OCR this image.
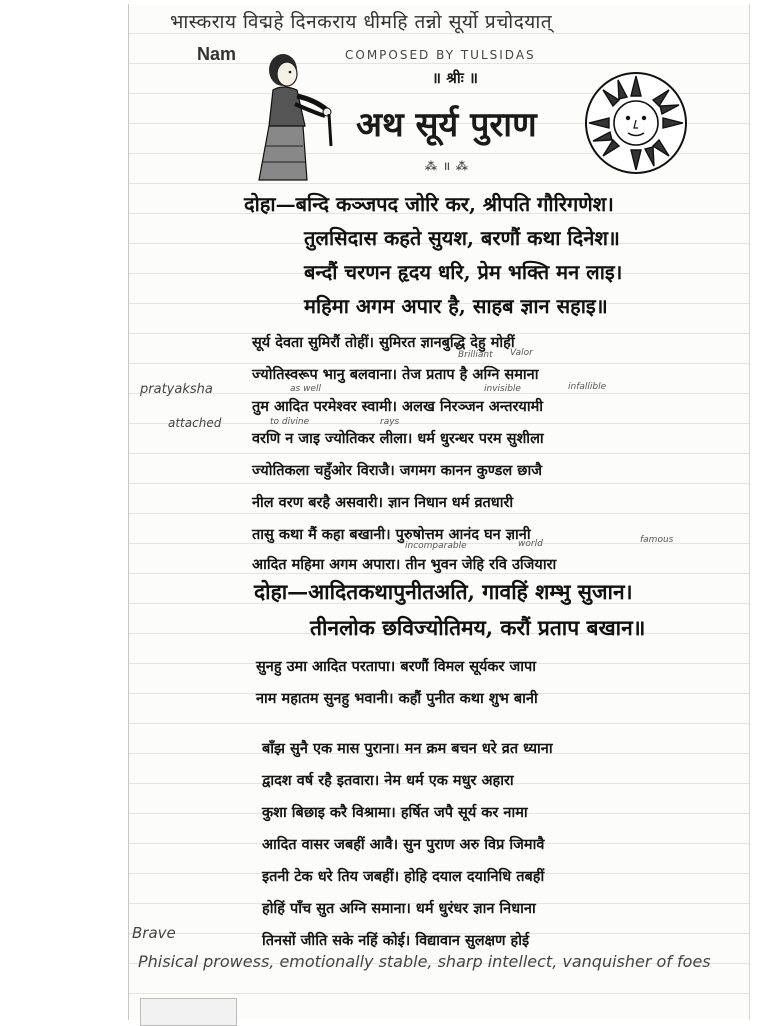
भास्कराय विद्महे दिनकराय धीमहि तन्नो सूर्यो प्रचोदयात्
Nam	COMPOSED BY TULSIDAS
॥ श्रीः ॥
अथ सूर्य पुराण
⁂ ॥ ⁂
दोहा—बन्दि कञ्जपद जोरि कर, श्रीपति गौरिगणेश।
तुलसिदास कहते सुयश, बरणौं कथा दिनेश॥
बन्दौं चरणन हृदय धरि, प्रेम भक्ति मन लाइ।
महिमा अगम अपार है, साहब ज्ञान सहाइ॥
सूर्य देवता सुमिरौं तोहीं। सुमिरत ज्ञानबुद्धि देहु मोहीं
ज्योतिस्वरूप भानु बलवाना। तेज प्रताप है अग्नि समाना
तुम आदित परमेश्वर स्वामी। अलख निरञ्जन अन्तरयामी
वरणि न जाइ ज्योतिकर लीला। धर्म धुरन्धर परम सुशीला
ज्योतिकला चहुँओर विराजै। जगमग कानन कुण्डल छाजै
नील वरण बरहै असवारी। ज्ञान निधान धर्म व्रतधारी
तासु कथा मैं कहा बखानी। पुरुषोत्तम आनंद घन ज्ञानी
आदित महिमा अगम अपारा। तीन भुवन जेहि रवि उजियारा
Brilliant Valor
as well	invisible	infallible
to divine	rays
incomparable	world	famous
pratyaksha
attached
दोहा—आदितकथापुनीतअति, गावहिं शम्भु सुजान।
तीनलोक छविज्योतिमय, करौं प्रताप बखान॥
सुनहु उमा आदित परतापा। बरणौं विमल सूर्यकर जापा
नाम महातम सुनहु भवानी। कहौं पुनीत कथा शुभ बानी
बाँझ सुनै एक मास पुराना। मन क्रम बचन धरे व्रत ध्याना
द्वादश वर्ष रहै इतवारा। नेम धर्म एक मधुर अहारा
कुशा बिछाइ करै विश्रामा। हर्षित जपै सूर्य कर नामा
आदित वासर जबहीं आवै। सुन पुराण अरु विप्र जिमावै
इतनी टेक धरे तिय जबहीं। होहि दयाल दयानिधि तबहीं
होहिं पाँच सुत अग्नि समाना। धर्म धुरंधर ज्ञान निधाना
तिनसों जीति सके नहिं कोई। विद्यावान सुलक्षण होई
Brave
Phisical prowess, emotionally stable, sharp intellect, vanquisher of foes
